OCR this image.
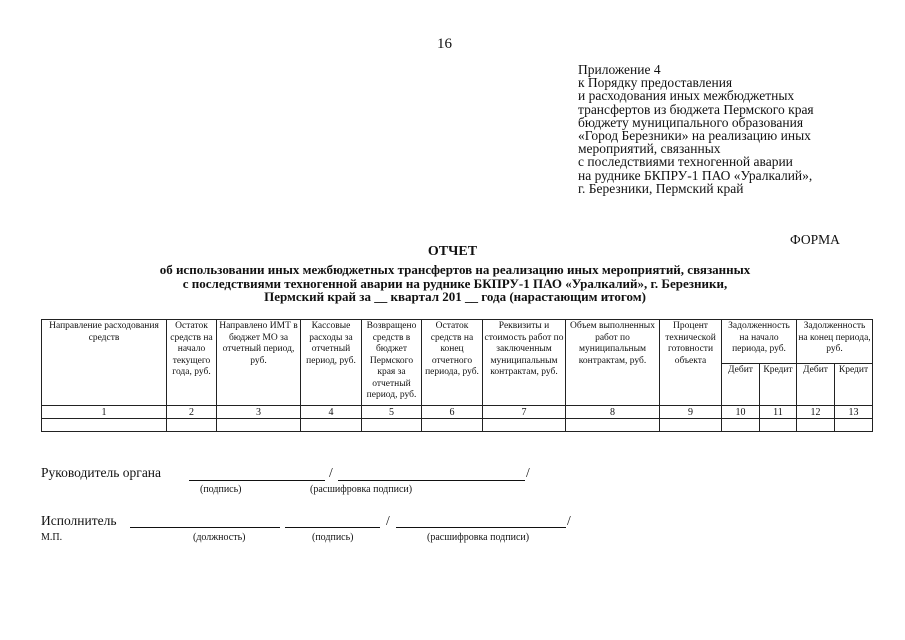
16
Приложение 4
к Порядку предоставления
и расходования иных межбюджетных
трансфертов из бюджета Пермского края
бюджету муниципального образования
«Город Березники» на реализацию иных
мероприятий, связанных
с последствиями техногенной аварии
на руднике БКПРУ-1 ПАО «Уралкалий»,
г. Березники, Пермский край
ФОРМА
ОТЧЕТ
об использовании иных межбюджетных трансфертов на реализацию иных мероприятий, связанных
с последствиями техногенной аварии на руднике БКПРУ-1 ПАО «Уралкалий», г. Березники,
Пермский край за __ квартал 201 __ года (нарастающим итогом)
Направление расходования средств	Остаток средств на начало текущего года, руб.	Направлено ИМТ в бюджет МО за отчетный период, руб.	Кассовые расходы за отчетный период, руб.	Возвращено средств в бюджет Пермского края за отчетный период, руб.	Остаток средств на конец отчетного периода, руб.	Реквизиты и стоимость работ по заключенным муниципальным контрактам, руб.	Объем выполненных работ по муниципальным контрактам, руб.	Процент технической готовности объекта	Задолженность на начало периода, руб.		Задолженность на конец периода, руб.	
									Дебит	Кредит	Дебит	Кредит
1	2	3	4	5	6	7	8	9	10	11	12	13

Руководитель органа	/	/
(подпись)	(расшифровка подписи)
Исполнитель	/	/
М.П.	(должность)	(подпись)	(расшифровка подписи)
